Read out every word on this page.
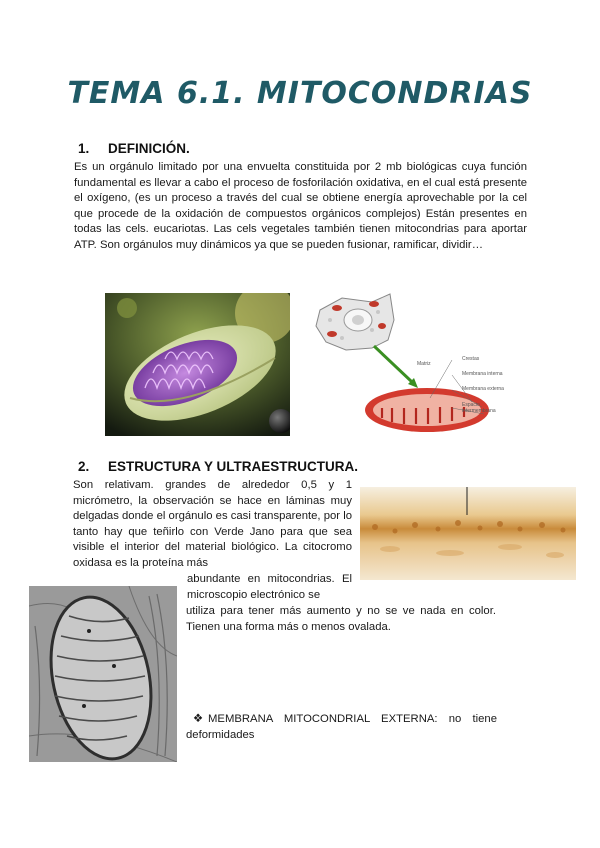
TEMA 6.1. MITOCONDRIAS
1. DEFINICIÓN.
Es un orgánulo limitado por una envuelta constituida por 2 mb biológicas cuya función fundamental es llevar a cabo el proceso de fosforilación oxidativa, en el cual está presente el oxígeno, (es un proceso a través del cual se obtiene energía aprovechable por la cel que procede de la oxidación de compuestos orgánicos complejos) Están presentes en todas las cels. eucariotas. Las cels vegetales también tienen mitocondrias para aportar ATP. Son orgánulos muy dinámicos ya que se pueden fusionar, ramificar, dividir…
Crestas
Membrana interna
Membrana externa
Espacio intermembrana
Matriz
2. ESTRUCTURA Y ULTRAESTRUCTURA.
Son relativam. grandes de alrededor 0,5 y 1 micrómetro, la observación se hace en láminas muy delgadas donde el orgánulo es casi transparente, por lo tanto hay que teñirlo con Verde Jano para que sea visible el interior del material biológico. La citocromo oxidasa es la proteína más
abundante en mitocondrias. El microscopio electrónico se
utiliza para tener más aumento y no se ve nada en color. Tienen una forma más o menos ovalada.
❖ MEMBRANA MITOCONDRIAL EXTERNA: no tiene deformidades
